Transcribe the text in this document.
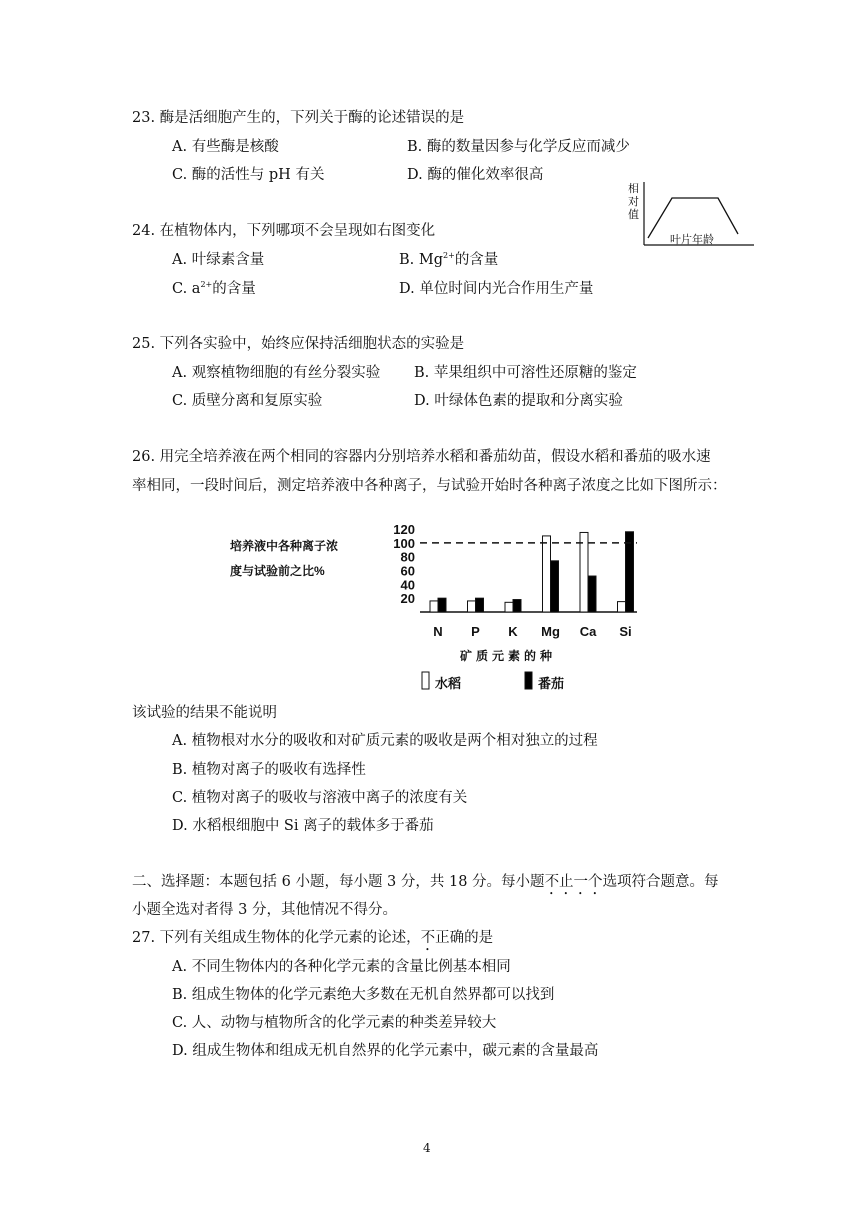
23. 酶是活细胞产生的，下列关于酶的论述错误的是
A. 有些酶是核酸	B. 酶的数量因参与化学反应而减少
C. 酶的活性与 pH 有关	D. 酶的催化效率很高
相
对
值
叶片年龄
24. 在植物体内，下列哪项不会呈现如右图变化
A. 叶绿素含量	B. $Mg^{2+}$的含量
C. $a^{2+}$的含量	D. 单位时间内光合作用生产量
25. 下列各实验中，始终应保持活细胞状态的实验是
A. 观察植物细胞的有丝分裂实验 B. 苹果组织中可溶性还原糖的鉴定
C. 质壁分离和复原实验	D. 叶绿体色素的提取和分离实验
26. 用完全培养液在两个相同的容器内分别培养水稻和番茄幼苗，假设水稻和番茄的吸水速
率相同，一段时间后，测定培养液中各种离子，与试验开始时各种离子浓度之比如下图所示：
培养液中各种离子浓
度与试验前之比%
20
40
60
80
100
120
N P K Mg Ca Si
矿质元素的种
水稻	番茄
该试验的结果不能说明
A. 植物根对水分的吸收和对矿质元素的吸收是两个相对独立的过程
B. 植物对离子的吸收有选择性
C. 植物对离子的吸收与溶液中离子的浓度有关
D. 水稻根细胞中 Si 离子的载体多于番茄
二、选择题：本题包括 6 小题，每小题 3 分，共 18 分。每小题不止一个选项符合题意。每
小题全选对者得 3 分，其他情况不得分。
27. 下列有关组成生物体的化学元素的论述，不正确的是
A. 不同生物体内的各种化学元素的含量比例基本相同
B. 组成生物体的化学元素绝大多数在无机自然界都可以找到
C. 人、动物与植物所含的化学元素的种类差异较大
D. 组成生物体和组成无机自然界的化学元素中，碳元素的含量最高
4
